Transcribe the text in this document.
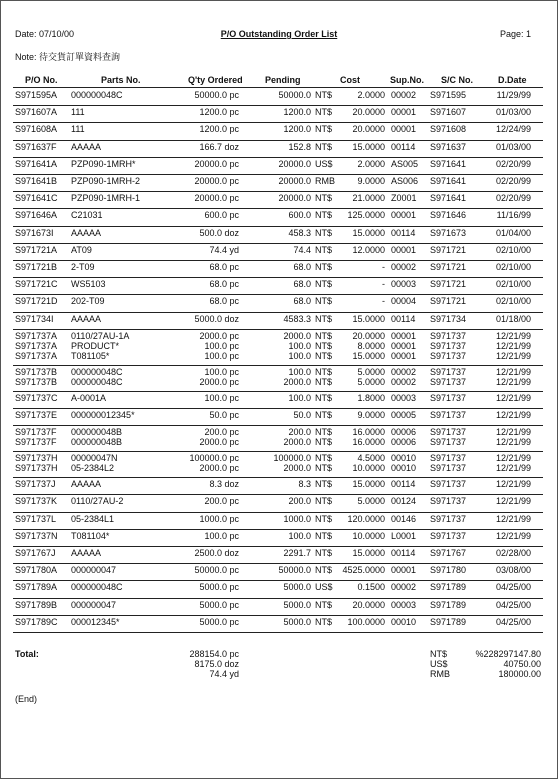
Date: 07/10/00	P/O Outstanding Order List	Page: 1
Note: 待交貨訂單資料查詢
P/O No.	Parts No.	Q'ty Ordered Pending	Cost	Sup.No. S/C No.	D.Date
S971595A 000000048C	50000.0 pc	50000.0 NT$	2.0000 00002 S971595	11/29/99
S971607A 111	1200.0 pc	1200.0 NT$ 20.0000 00001 S971607	01/03/00
S971608A 111	1200.0 pc	1200.0 NT$ 20.0000 00001 S971608	12/24/99
S971637F AAAAA	166.7 doz	152.8 NT$ 15.0000 00114 S971637	01/03/00
S971641A PZP090-1MRH*	20000.0 pc	20000.0 US$	2.0000 AS005 S971641	02/20/99
S971641B PZP090-1MRH-2	20000.0 pc	20000.0 RMB 9.0000 AS006 S971641	02/20/99
S971641C PZP090-1MRH-1	20000.0 pc	20000.0 NT$ 21.0000 Z0001 S971641	02/20/99
S971646A C21031	600.0 pc	600.0 NT$ 125.0000 00001 S971646	11/16/99
S971673I AAAAA	500.0 doz	458.3 NT$ 15.0000 00114 S971673	01/04/00
S971721A AT09	74.4 yd	74.4 NT$ 12.0000 00001 S971721	02/10/00
S971721B 2-T09	68.0 pc	68.0 NT$	- 00002 S971721	02/10/00
S971721C WS5103	68.0 pc	68.0 NT$	- 00003 S971721	02/10/00
S971721D 202-T09	68.0 pc	68.0 NT$	- 00004 S971721	02/10/00
S971734I AAAAA	5000.0 doz	4583.3 NT$ 15.0000 00114 S971734	01/18/00
S971737A 0110/27AU-1A	2000.0 pc	2000.0 NT$ 20.0000 00001 S971737	12/21/99
S971737A PRODUCT*	100.0 pc	100.0 NT$	8.0000 00001 S971737	12/21/99
S971737A T081105*	100.0 pc	100.0 NT$ 15.0000 00001 S971737	12/21/99
S971737B 000000048C	100.0 pc	100.0 NT$	5.0000 00002 S971737	12/21/99
S971737B 000000048C	2000.0 pc	2000.0 NT$	5.0000 00002 S971737	12/21/99
S971737C A-0001A	100.0 pc	100.0 NT$	1.8000 00003 S971737	12/21/99
S971737E 000000012345*	50.0 pc	50.0 NT$	9.0000 00005 S971737	12/21/99
S971737F 000000048B	200.0 pc	200.0 NT$ 16.0000 00006 S971737	12/21/99
S971737F 000000048B	2000.0 pc	2000.0 NT$ 16.0000 00006 S971737	12/21/99
S971737H 00000047N	100000.0 pc	100000.0 NT$	4.5000 00010 S971737	12/21/99
S971737H 05-2384L2	2000.0 pc	2000.0 NT$ 10.0000 00010 S971737	12/21/99
S971737J AAAAA	8.3 doz	8.3 NT$ 15.0000 00114 S971737	12/21/99
S971737K 0110/27AU-2	200.0 pc	200.0 NT$	5.0000 00124 S971737	12/21/99
S971737L 05-2384L1	1000.0 pc	1000.0 NT$ 120.0000 00146 S971737	12/21/99
S971737N T081104*	100.0 pc	100.0 NT$ 10.0000 L0001 S971737	12/21/99
S971767J AAAAA	2500.0 doz	2291.7 NT$ 15.0000 00114 S971767	02/28/00
S971780A 000000047	50000.0 pc	50000.0 NT$ 4525.0000 00001 S971780	03/08/00
S971789A 000000048C	5000.0 pc	5000.0 US$	0.1500 00002 S971789	04/25/00
S971789B 000000047	5000.0 pc	5000.0 NT$ 20.0000 00003 S971789	04/25/00
S971789C 000012345*	5000.0 pc	5000.0 NT$ 100.0000 00010 S971789	04/25/00
Total:	288154.0 pc	NT$	%228297147.80
8175.0 doz	US$	40750.00
74.4 yd	RMB	180000.00
(End)
